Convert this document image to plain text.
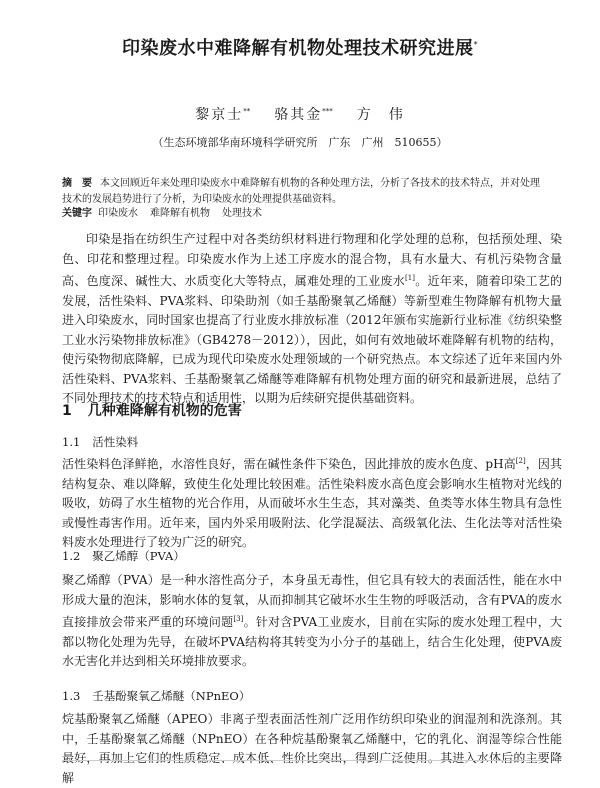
印染废水中难降解有机物处理技术研究进展*
黎京士** 骆其金*** 方　伟
（生态环境部华南环境科学研究所　广东　广州　510655）
摘　要 本文回顾近年来处理印染废水中难降解有机物的各种处理方法，分析了各技术的技术特点，并对处理技术的发展趋势进行了分析，为印染废水的处理提供基础资料。
关键字 印染废水 难降解有机物 处理技术
印染是指在纺织生产过程中对各类纺织材料进行物理和化学处理的总称，包括预处理、染色、印花和整理过程。印染废水作为上述工序废水的混合物，具有水量大、有机污染物含量高、色度深、碱性大、水质变化大等特点，属难处理的工业废水[1]。近年来，随着印染工艺的发展，活性染料、PVA浆料、印染助剂（如壬基酚聚氧乙烯醚）等新型难生物降解有机物大量进入印染废水，同时国家也提高了行业废水排放标准（2012年颁布实施新行业标准《纺织染整工业水污染物排放标准》（GB4278－2012）），因此，如何有效地破坏难降解有机物的结构，使污染物彻底降解，已成为现代印染废水处理领域的一个研究热点。本文综述了近年来国内外活性染料、PVA浆料、壬基酚聚氧乙烯醚等难降解有机物处理方面的研究和最新进展，总结了不同处理技术的技术特点和适用性，以期为后续研究提供基础资料。
1 几种难降解有机物的危害
1.1 活性染料
活性染料色泽鲜艳，水溶性良好，需在碱性条件下染色，因此排放的废水色度、pH高[2]，因其结构复杂、难以降解，致使生化处理比较困难。活性染料废水高色度会影响水生植物对光线的吸收，妨碍了水生植物的光合作用，从而破坏水生生态，其对藻类、鱼类等水体生物具有急性或慢性毒害作用。近年来，国内外采用吸附法、化学混凝法、高级氧化法、生化法等对活性染料废水处理进行了较为广泛的研究。
1.2 聚乙烯醇（PVA）
聚乙烯醇（PVA）是一种水溶性高分子，本身虽无毒性，但它具有较大的表面活性，能在水中形成大量的泡沫，影响水体的复氧，从而抑制其它破坏水生生物的呼吸活动，含有PVA的废水直接排放会带来严重的环境问题[3]。针对含PVA工业废水，目前在实际的废水处理工程中，大都以物化处理为先导，在破坏PVA结构将其转变为小分子的基础上，结合生化处理，使PVA废水无害化并达到相关环境排放要求。
1.3 壬基酚聚氧乙烯醚（NPnEO）
烷基酚聚氧乙烯醚（APEO）非离子型表面活性剂广泛用作纺织印染业的润湿剂和洗涤剂。其中，壬基酚聚氧乙烯醚（NPnEO）在各种烷基酚聚氧乙烯醚中，它的乳化、润湿等综合性能最好，再加上它们的性质稳定、成本低、性价比突出，得到广泛使用。其进入水体后的主要降解
